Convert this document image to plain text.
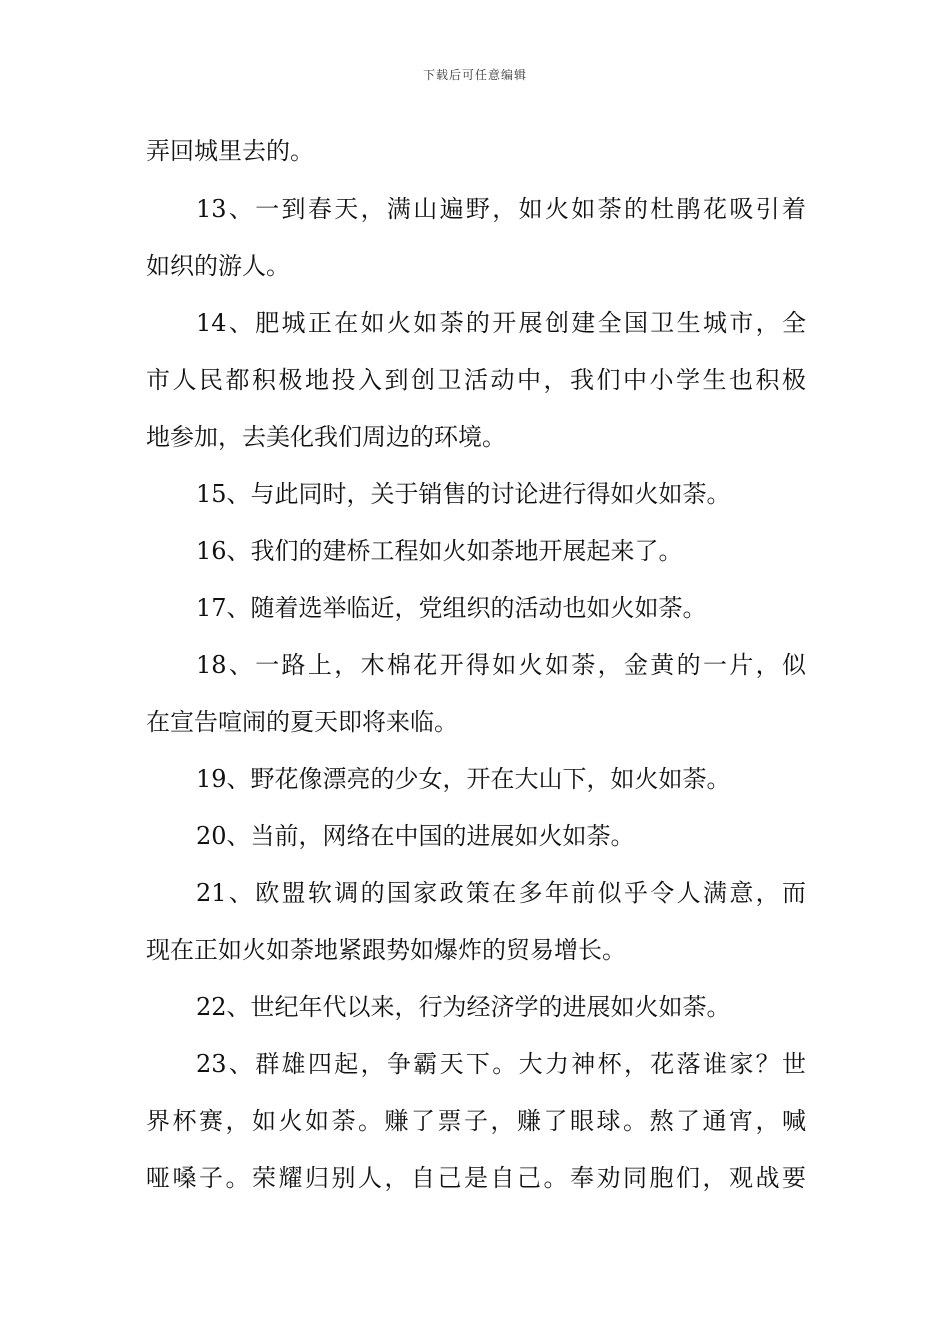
下载后可任意编辑
弄回城里去的。
13、一到春天，满山遍野，如火如荼的杜鹃花吸引着
如织的游人。
14、肥城正在如火如荼的开展创建全国卫生城市，全
市人民都积极地投入到创卫活动中，我们中小学生也积极
地参加，去美化我们周边的环境。
15、与此同时，关于销售的讨论进行得如火如荼。
16、我们的建桥工程如火如荼地开展起来了。
17、随着选举临近，党组织的活动也如火如荼。
18、一路上，木棉花开得如火如荼，金黄的一片，似
在宣告喧闹的夏天即将来临。
19、野花像漂亮的少女，开在大山下，如火如荼。
20、当前，网络在中国的进展如火如荼。
21、欧盟软调的国家政策在多年前似乎令人满意，而
现在正如火如荼地紧跟势如爆炸的贸易增长。
22、世纪年代以来，行为经济学的进展如火如荼。
23、群雄四起，争霸天下。大力神杯，花落谁家？世
界杯赛，如火如荼。赚了票子，赚了眼球。熬了通宵，喊
哑嗓子。荣耀归别人，自己是自己。奉劝同胞们，观战要
